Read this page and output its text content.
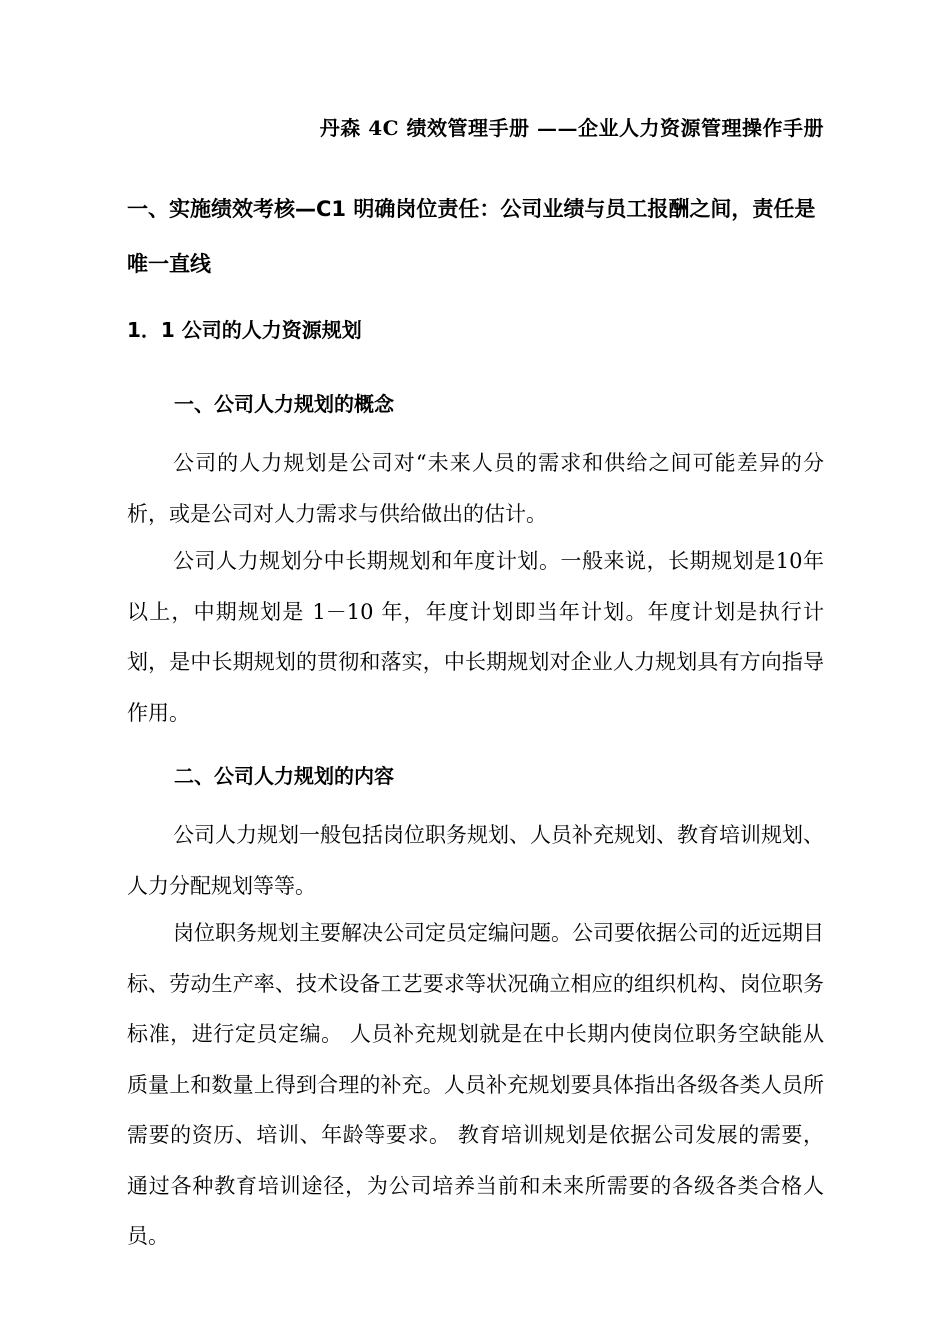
丹森 4C 绩效管理手册 ——企业人力资源管理操作手册
一、实施绩效考核—C1 明确岗位责任：公司业绩与员工报酬之间，责任是唯一直线
1．1 公司的人力资源规划
一、公司人力规划的概念

公司的人力规划是公司对“未来人员的需求和供给之间可能差异的分析，或是公司对人力需求与供给做出的估计。

公司人力规划分中长期规划和年度计划。一般来说，长期规划是10年以上，中期规划是 1－10 年，年度计划即当年计划。年度计划是执行计划，是中长期规划的贯彻和落实，中长期规划对企业人力规划具有方向指导作用。

二、公司人力规划的内容

公司人力规划一般包括岗位职务规划、人员补充规划、教育培训规划、人力分配规划等等。

岗位职务规划主要解决公司定员定编问题。公司要依据公司的近远期目标、劳动生产率、技术设备工艺要求等状况确立相应的组织机构、岗位职务标准，进行定员定编。 人员补充规划就是在中长期内使岗位职务空缺能从质量上和数量上得到合理的补充。人员补充规划要具体指出各级各类人员所需要的资历、培训、年龄等要求。 教育培训规划是依据公司发展的需要，通过各种教育培训途径，为公司培养当前和未来所需要的各级各类合格人员。
